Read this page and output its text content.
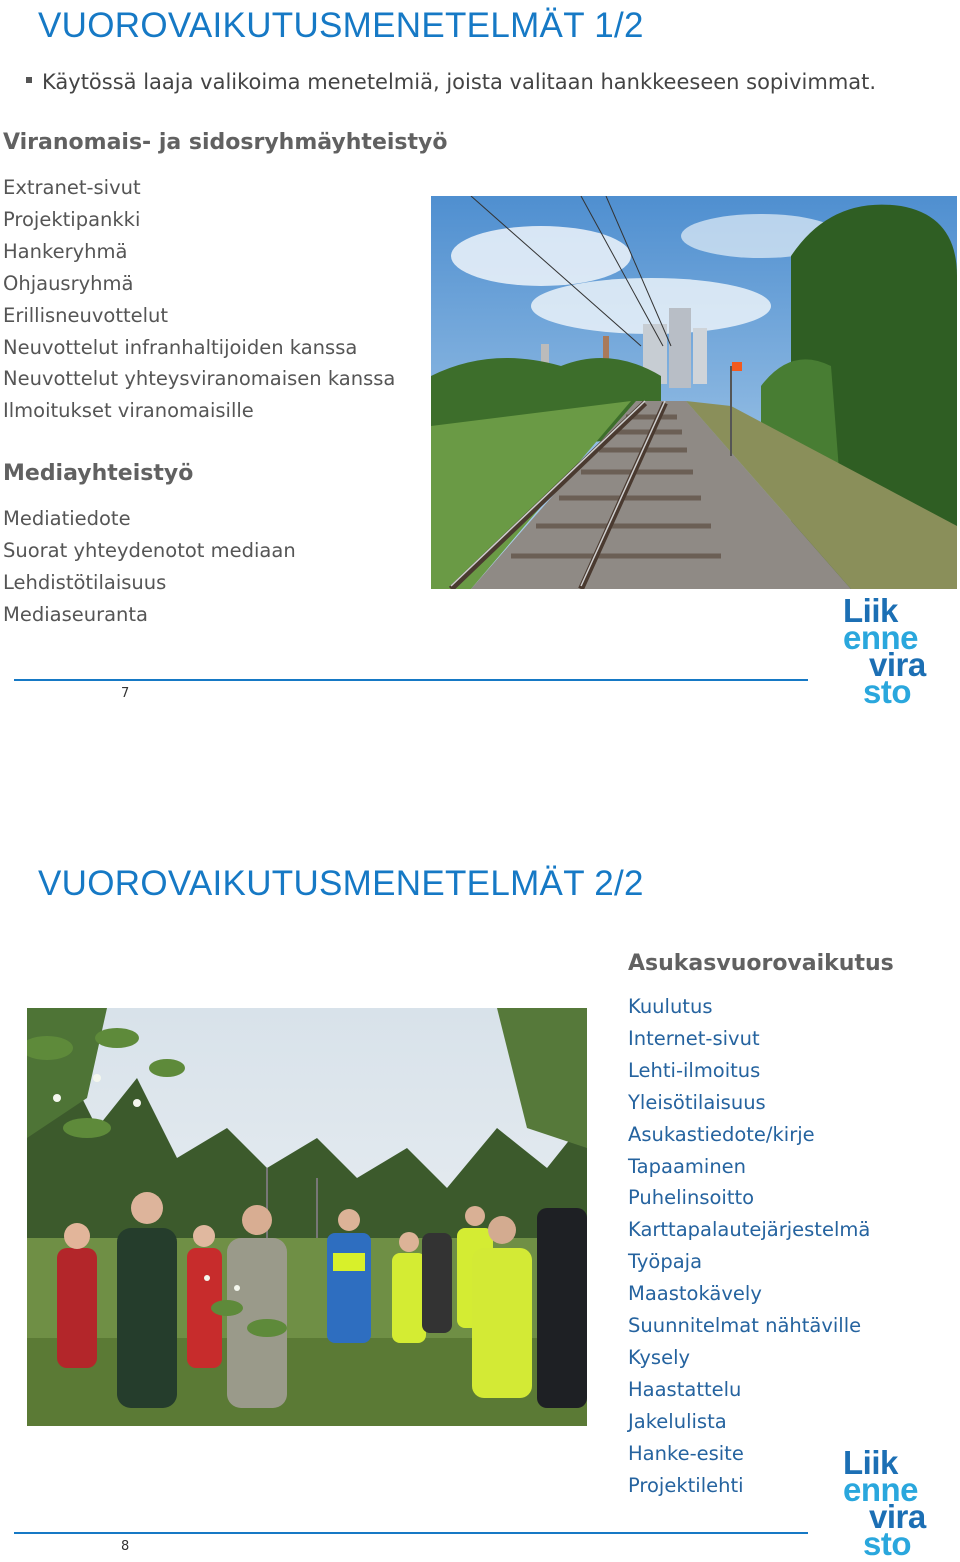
VUOROVAIKUTUSMENETELMÄT 1/2
Käytössä laaja valikoima menetelmiä, joista valitaan hankkeeseen sopivimmat.
Viranomais- ja sidosryhmäyhteistyö
Extranet-sivut
Projektipankki
Hankeryhmä
Ohjausryhmä
Erillisneuvottelut
Neuvottelut infranhaltijoiden kanssa
Neuvottelut yhteysviranomaisen kanssa
Ilmoitukset viranomaisille
Mediayhteistyö
Mediatiedote
Suorat yhteydenotot mediaan
Lehdistötilaisuus
Mediaseuranta
7
Liik
enne
vira
sto
VUOROVAIKUTUSMENETELMÄT 2/2
Asukasvuorovaikutus
Kuulutus
Internet-sivut
Lehti-ilmoitus
Yleisötilaisuus
Asukastiedote/kirje
Tapaaminen
Puhelinsoitto
Karttapalautejärjestelmä
Työpaja
Maastokävely
Suunnitelmat nähtäville
Kysely
Haastattelu
Jakelulista
Hanke-esite
Projektilehti
8
Liik
enne
vira
sto
